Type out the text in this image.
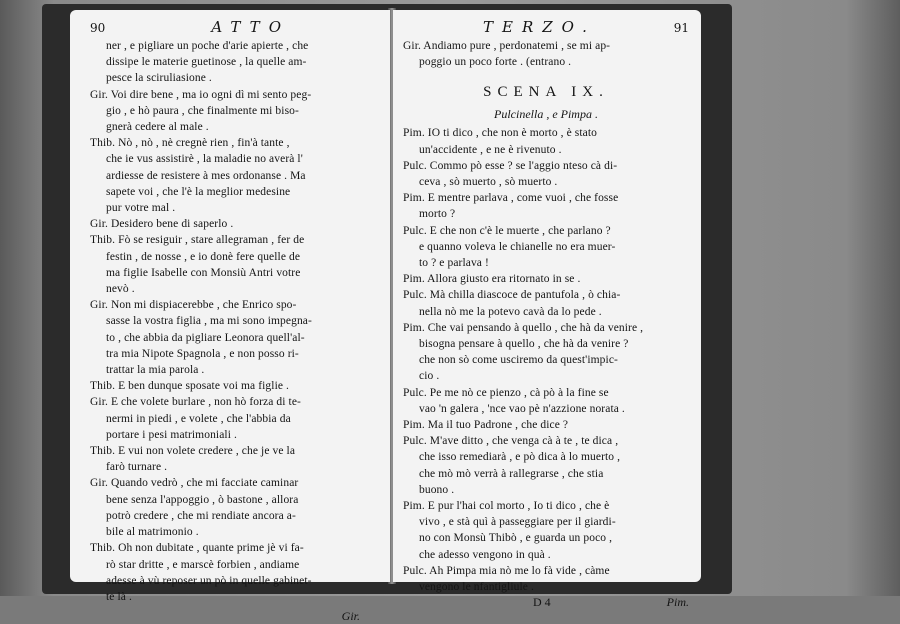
90	ATTO
ner , e pigliare un poche d'arie apierte , che
dissipe le materie guetinose , la quelle am-
pesce la sciruliasione .
Gir. Voi dire bene , ma io ogni dì mi sento peg-
gio , e hò paura , che finalmente mi biso-
gnerà cedere al male .
Thib. Nò , nò , nè cregnè rien , fin'à tante ,
che ie vus assistirè , la maladie no averà l'
ardiesse de resistere à mes ordonanse . Ma
sapete voi , che l'è la meglior medesine
pur votre mal .
Gir. Desidero bene di saperlo .
Thib. Fò se resiguir , stare allegraman , fer de
festin , de nosse , e io donè fere quelle de
ma figlie Isabelle con Monsiù Antri votre
nevò .
Gir. Non mi dispiacerebbe , che Enrico spo-
sasse la vostra figlia , ma mi sono impegna-
to , che abbia da pigliare Leonora quell'al-
tra mia Nipote Spagnola , e non posso ri-
trattar la mia parola .
Thib. E ben dunque sposate voi ma figlie .
Gir. E che volete burlare , non hò forza di te-
nermi in piedi , e volete , che l'abbia da
portare i pesi matrimoniali .
Thib. E vui non volete credere , che je ve la
farò turnare .
Gir. Quando vedrò , che mi facciate caminar
bene senza l'appoggio , ò bastone , allora
potrò credere , che mi rendiate ancora a-
bile al matrimonio .
Thib. Oh non dubitate , quante prime jè vi fa-
rò star dritte , e marscè forbien , andiame
adesse à vù reposer un pò in quelle gabinet-
te là .
Gir.
TERZO.	91
Gir. Andiamo pure , perdonatemi , se mi ap-
poggio un poco forte . (entrano .
SCENA IX.
Pulcinella , e Pimpa .
Pim. IO ti dico , che non è morto , è stato
un'accidente , e ne è rivenuto .
Pulc. Commo pò esse ? se l'aggio nteso cà di-
ceva , sò muerto , sò muerto .
Pim. E mentre parlava , come vuoi , che fosse
morto ?
Pulc. E che non c'è le muerte , che parlano ?
e quanno voleva le chianelle no era muer-
to ? e parlava !
Pim. Allora giusto era ritornato in se .
Pulc. Mà chilla diascoce de pantufola , ò chia-
nella nò me la potevo cavà da lo pede .
Pim. Che vai pensando à quello , che hà da venire ,
bisogna pensare à quello , che hà da venire ?
che non sò come usciremo da quest'impic-
cio .
Pulc. Pe me nò ce pienzo , cà pò à la fine se
vao 'n galera , 'nce vao pè n'azzione norata .
Pim. Ma il tuo Padrone , che dice ?
Pulc. M'ave ditto , che venga cà à te , te dica ,
che isso remediarà , e pò dica à lo muerto ,
che mò mò verrà à rallegrarse , che stia
buono .
Pim. E pur l'hai col morto , Io ti dico , che è
vivo , e stà quì à passeggiare per il giardi-
no con Monsù Thibò , e guarda un poco ,
che adesso vengono in quà .
Pulc. Ah Pimpa mia nò me lo fà vide , càme
vengono le nfantigliule .
D 4	Pim.
